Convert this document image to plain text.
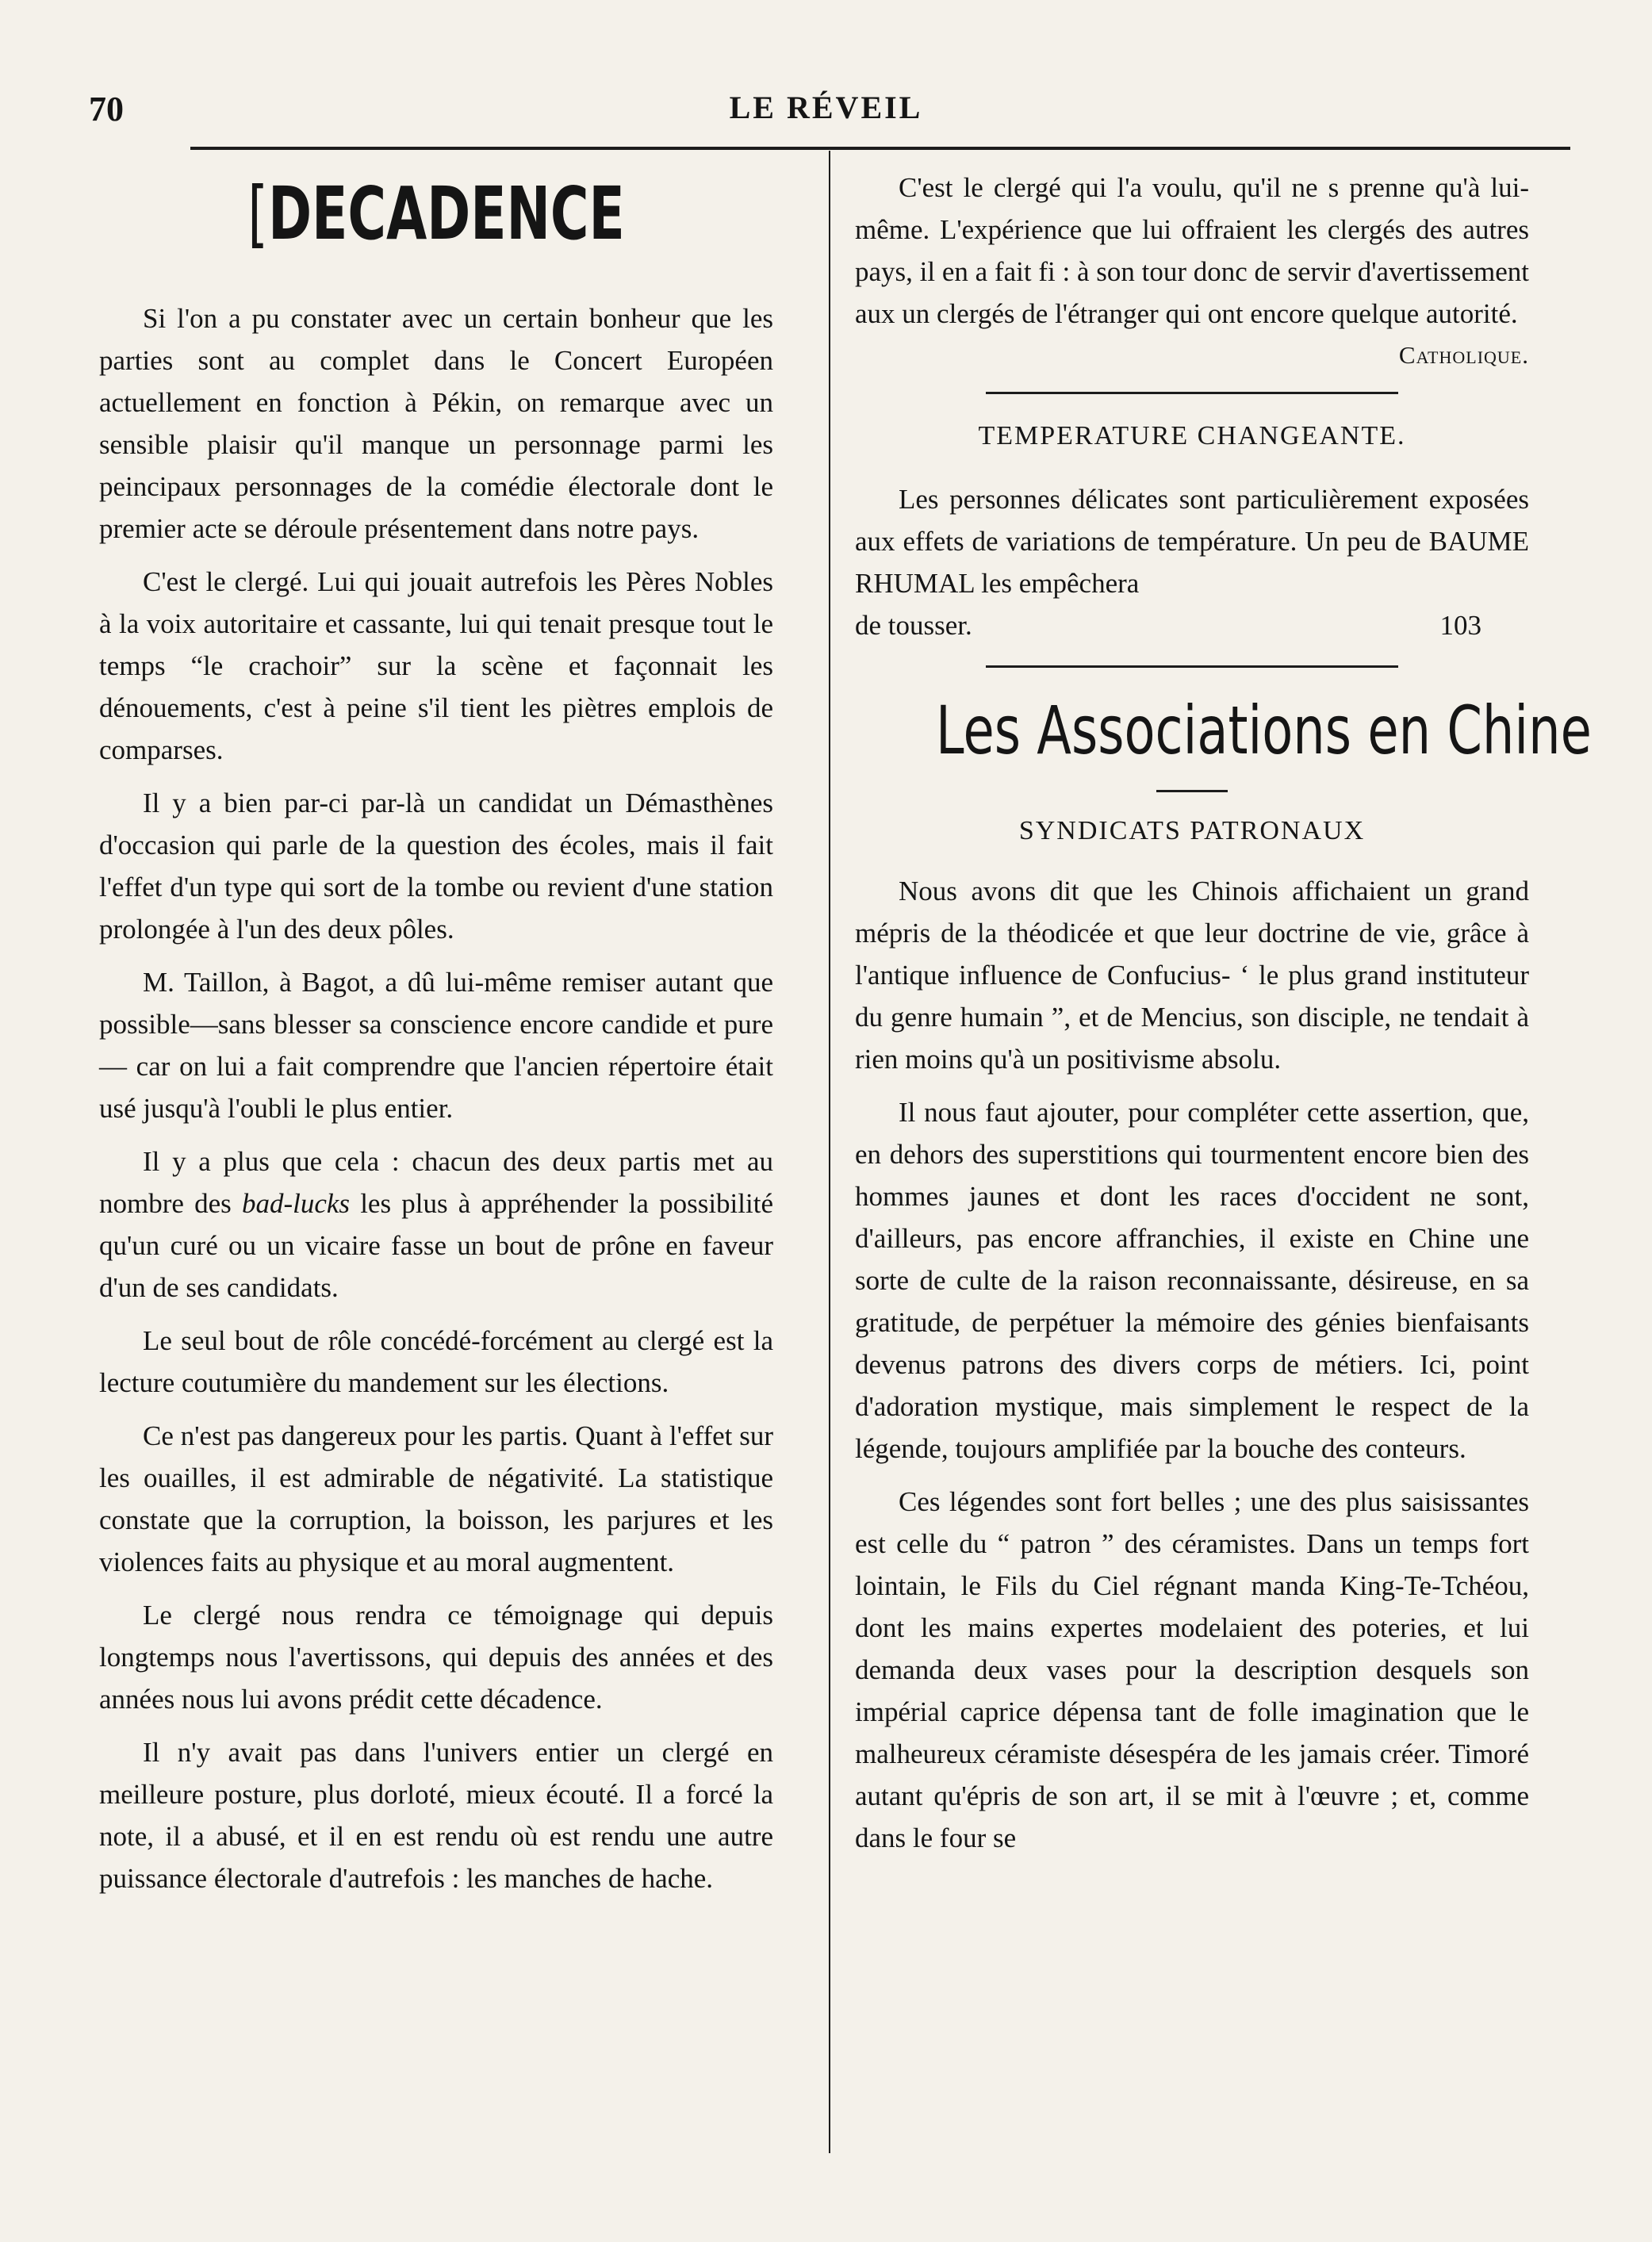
70	LE RÉVEIL
[DECADENCE

Si l'on a pu constater avec un certain bonheur que les parties sont au complet dans le Concert Européen actuellement en fonction à Pékin, on remarque avec un sensible plaisir qu'il manque un personnage parmi les peincipaux personnages de la comédie électorale dont le premier acte se déroule présentement dans notre pays.

C'est le clergé. Lui qui jouait autrefois les Pères Nobles à la voix autoritaire et cassante, lui qui tenait presque tout le temps “le crachoir” sur la scène et façonnait les dénouements, c'est à peine s'il tient les piètres emplois de comparses.

Il y a bien par-ci par-là un candidat un Démasthènes d'occasion qui parle de la question des écoles, mais il fait l'effet d'un type qui sort de la tombe ou revient d'une station prolongée à l'un des deux pôles.

M. Taillon, à Bagot, a dû lui-même remiser autant que possible—sans blesser sa conscience encore candide et pure — car on lui a fait comprendre que l'ancien répertoire était usé jusqu'à l'oubli le plus entier.

Il y a plus que cela : chacun des deux partis met au nombre des bad-lucks les plus à appréhender la possibilité qu'un curé ou un vicaire fasse un bout de prône en faveur d'un de ses candidats.

Le seul bout de rôle concédé-forcément au clergé est la lecture coutumière du mandement sur les élections.

Ce n'est pas dangereux pour les partis. Quant à l'effet sur les ouailles, il est admirable de négativité. La statistique constate que la corruption, la boisson, les parjures et les violences faits au physique et au moral augmentent.

Le clergé nous rendra ce témoignage qui depuis longtemps nous l'avertissons, qui depuis des années et des années nous lui avons prédit cette décadence.

Il n'y avait pas dans l'univers entier un clergé en meilleure posture, plus dorloté, mieux écouté. Il a forcé la note, il a abusé, et il en est rendu où est rendu une autre puissance électorale d'autrefois : les manches de hache.

C'est le clergé qui l'a voulu, qu'il ne s prenne qu'à lui-même. L'expérience que lui offraient les clergés des autres pays, il en a fait fi : à son tour donc de servir d'avertissement aux un clergés de l'étranger qui ont encore quelque autorité.

Catholique.

TEMPERATURE CHANGEANTE.

Les personnes délicates sont particulièrement exposées aux effets de variations de température. Un peu de BAUME RHUMAL les empêchera

de tousser.	103

Les Associations en Chine

SYNDICATS PATRONAUX

Nous avons dit que les Chinois affichaient un grand mépris de la théodicée et que leur doctrine de vie, grâce à l'antique influence de Confucius- ‘ le plus grand instituteur du genre humain ”, et de Mencius, son disciple, ne tendait à rien moins qu'à un positivisme absolu.

Il nous faut ajouter, pour compléter cette assertion, que, en dehors des superstitions qui tourmentent encore bien des hommes jaunes et dont les races d'occident ne sont, d'ailleurs, pas encore affranchies, il existe en Chine une sorte de culte de la raison reconnaissante, désireuse, en sa gratitude, de perpétuer la mémoire des génies bienfaisants devenus patrons des divers corps de métiers. Ici, point d'adoration mystique, mais simplement le respect de la légende, toujours amplifiée par la bouche des conteurs.

Ces légendes sont fort belles ; une des plus saisissantes est celle du “ patron ” des céramistes. Dans un temps fort lointain, le Fils du Ciel régnant manda King-Te-Tchéou, dont les mains expertes modelaient des poteries, et lui demanda deux vases pour la description desquels son impérial caprice dépensa tant de folle imagination que le malheureux céramiste désespéra de les jamais créer. Timoré autant qu'épris de son art, il se mit à l'œuvre ; et, comme dans le four se
